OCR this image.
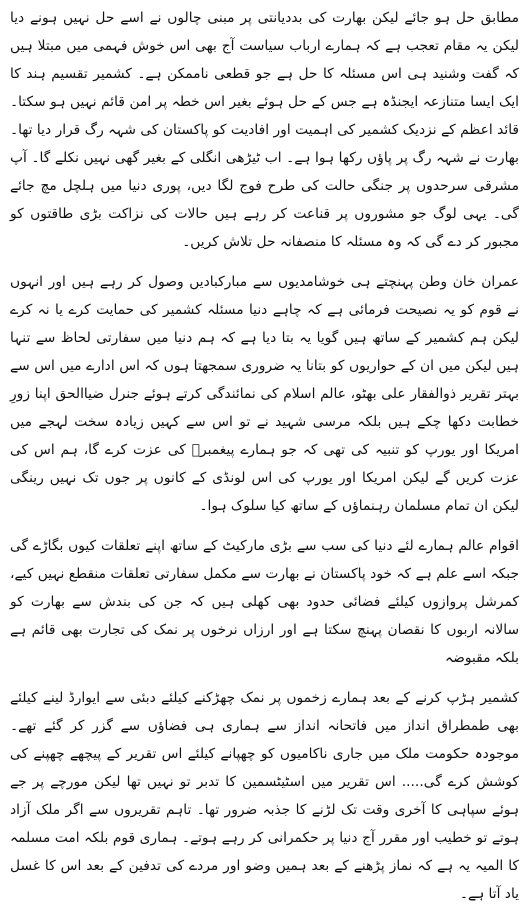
مطابق حل ہو جائے لیکن بھارت کی بددیانتی پر مبنی چالوں نے اسے حل نہیں ہونے دیا لیکن یہ مقام تعجب ہے کہ ہمارے ارباب سیاست آج بھی اس خوش فہمی میں مبتلا ہیں کہ گفت وشنید ہی اس مسئلہ کا حل ہے جو قطعی ناممکن ہے۔ کشمیر تقسیم ہند کا ایک ایسا متنازعہ ایجنڈہ ہے جس کے حل ہوئے بغیر اس خطہ پر امن قائم نہیں ہو سکتا۔ قائد اعظم کے نزدیک کشمیر کی اہمیت اور افادیت کو پاکستان کی شہہ رگ قرار دیا تھا۔ بھارت نے شہہ رگ پر پاؤں رکھا ہوا ہے۔ اب ٹیڑھی انگلی کے بغیر گھی نہیں نکلے گا۔ آپ مشرقی سرحدوں پر جنگی حالت کی طرح فوج لگا دیں، پوری دنیا میں ہلچل مچ جائے گی۔ یہی لوگ جو مشوروں پر قناعت کر رہے ہیں حالات کی نزاکت بڑی طاقتوں کو مجبور کر دے گی کہ وہ مسئلہ کا منصفانہ حل تلاش کریں۔

عمران خان وطن پہنچتے ہی خوشامدیوں سے مبارکبادیں وصول کر رہے ہیں اور انہوں نے قوم کو یہ نصیحت فرمائی ہے کہ چاہے دنیا مسئلہ کشمیر کی حمایت کرے یا نہ کرے لیکن ہم کشمیر کے ساتھ ہیں گویا یہ بتا دیا ہے کہ ہم دنیا میں سفارتی لحاظ سے تنہا ہیں لیکن میں ان کے حواریوں کو بتانا یہ ضروری سمجھتا ہوں کہ اس ادارے میں اس سے بہتر تقریر ذوالفقار علی بھٹو، عالم اسلام کی نمائندگی کرتے ہوئے جنرل ضیاالحق اپنا زورِ خطابت دکھا چکے ہیں بلکہ مرسی شہید نے تو اس سے کہیں زیادہ سخت لہجے میں امریکا اور یورپ کو تنبیہ کی تھی کہ جو ہمارے پیغمبرؐ کی عزت کرے گا، ہم اس کی عزت کریں گے لیکن امریکا اور یورپ کی اس لونڈی کے کانوں پر جوں تک نہیں رینگی لیکن ان تمام مسلمان رہنماؤں کے ساتھ کیا سلوک ہوا۔

اقوام عالم ہمارے لئے دنیا کی سب سے بڑی مارکیٹ کے ساتھ اپنے تعلقات کیوں بگاڑے گی جبکہ اسے علم ہے کہ خود پاکستان نے بھارت سے مکمل سفارتی تعلقات منقطع نہیں کیے، کمرشل پروازوں کیلئے فضائی حدود بھی کھلی ہیں کہ جن کی بندش سے بھارت کو سالانہ اربوں کا نقصان پہنچ سکتا ہے اور ارزاں نرخوں پر نمک کی تجارت بھی قائم ہے بلکہ مقبوضہ

کشمیر ہڑپ کرنے کے بعد ہمارے زخموں پر نمک چھڑکنے کیلئے دبئی سے ایوارڈ لینے کیلئے بھی طمطراق انداز میں فاتحانہ انداز سے ہماری ہی فضاؤں سے گزر کر گئے تھے۔ موجودہ حکومت ملک میں جاری ناکامیوں کو چھپانے کیلئے اس تقریر کے پیچھے چھپنے کی کوشش کرے گی..... اس تقریر میں اسٹیٹسمین کا تدبر تو نہیں تھا لیکن مورچے پر جے ہوئے سپاہی کا آخری وقت تک لڑنے کا جذبہ ضرور تھا۔ تاہم تقریروں سے اگر ملک آزاد ہوتے تو خطیب اور مقرر آج دنیا پر حکمرانی کر رہے ہوتے۔ ہماری قوم بلکہ امت مسلمہ کا المیہ یہ ہے کہ نماز پڑھنے کے بعد ہمیں وضو اور مردے کی تدفین کے بعد اس کا غسل یاد آتا ہے۔
